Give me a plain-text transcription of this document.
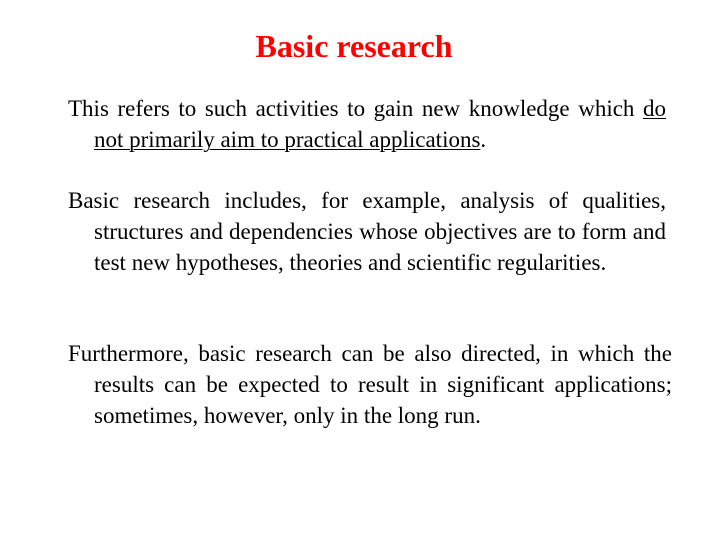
Basic research

This refers to such activities to gain new knowledge which do not primarily aim to practical applications.

Basic research includes, for example, analysis of qualities, structures and dependencies whose objectives are to form and test new hypotheses, theories and scientific regularities.

Furthermore, basic research can be also directed, in which the results can be expected to result in significant applications; sometimes, however, only in the long run.
